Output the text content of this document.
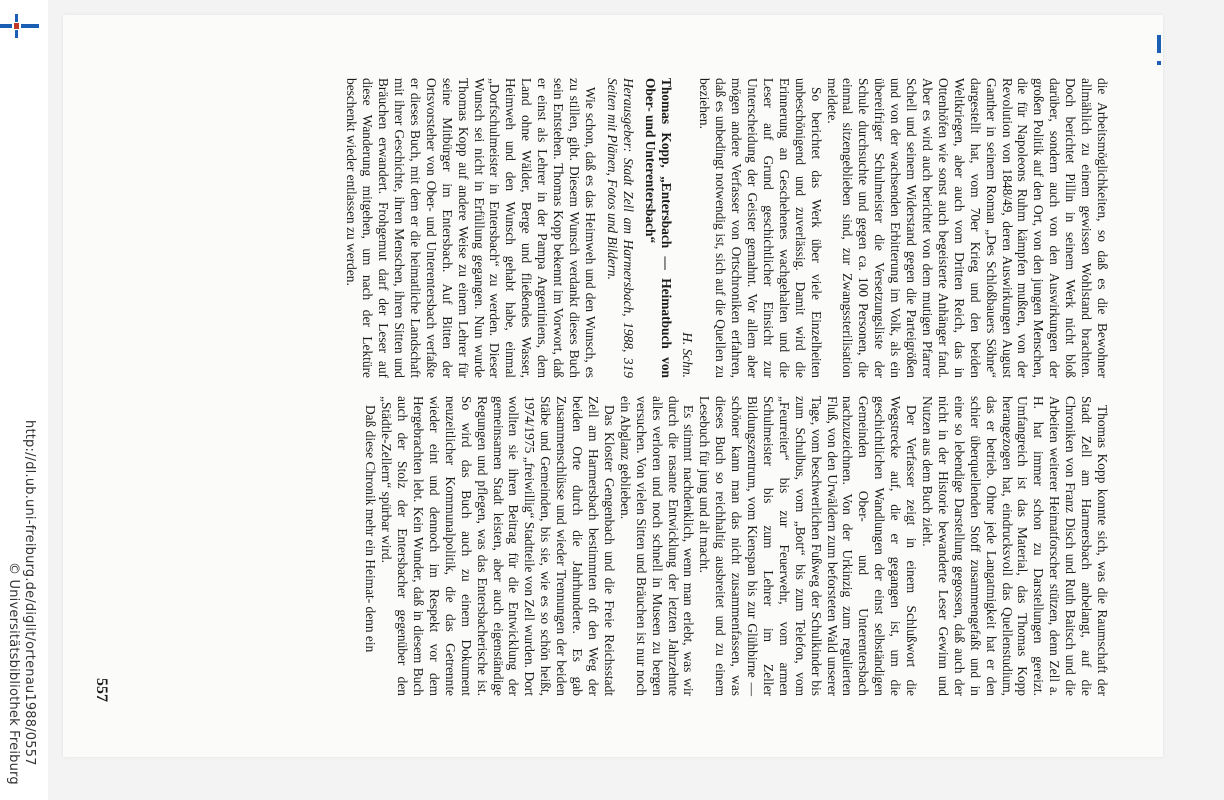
http://dl.ub.uni-freiburg.de/diglit/ortenau1988/0557
© Universitätsbibliothek Freiburg

die Arbeitsmöglichkeiten, so daß es die Bewohner allmählich zu einem gewissen Wohlstand brachten. Doch berichtet Pillin in seinem Werk nicht bloß darüber, sondern auch von den Auswirkungen der großen Politik auf den Ort, von den jungen Menschen, die für Napoleons Ruhm kämpfen mußten, von der Revolution von 1848/49, deren Auswirkungen August Ganther in seinem Roman „Des Schloßbauers Söhne“ dargestellt hat, vom 70er Krieg und den beiden Weltkriegen, aber auch vom Dritten Reich, das in Ottenhöfen wie sonst auch begeisterte Anhänger fand. Aber es wird auch berichtet von dem mutigen Pfarrer Schell und seinem Widerstand gegen die Parteigrößen und von der wachsenden Erbitterung im Volk, als ein übereifriger Schulmeister die Versetzungsliste der Schule durchsuchte und gegen ca. 100 Personen, die einmal sitzengeblieben sind, zur Zwangssterilisation meldete.

So berichtet das Werk über viele Einzelheiten unbeschönigend und zuverlässig. Damit wird die Erinnerung an Geschehenes wachgehalten und die Leser auf Grund geschichtlicher Einsicht zur Unterscheidung der Geister gemahnt. Vor allem aber mögen andere Verfasser von Ortschroniken erfahren, daß es unbedingt notwendig ist, sich auf die Quellen zu beziehen.

H. Schn.
Thomas Kopp, „Entersbach — Heimatbuch von Ober- und Unterentersbach“
Herausgeber: Stadt Zell am Harmersbach, 1988, 319 Seiten mit Plänen, Fotos und Bildern.

Wie schon, daß es das Heimweh und den Wunsch, es zu stillen, gibt. Diesem Wunsch verdankt dieses Buch sein Entstehen. Thomas Kopp bekennt im Vorwort, daß er einst als Lehrer in der Pampa Argentiniens, dem Land ohne Wälder, Berge und fließendes Wasser, Heimweh und den Wunsch gehabt habe, einmal „Dorfschulmeister in Entersbach“ zu werden. Dieser Wunsch sei nicht in Erfüllung gegangen. Nun wurde Thomas Kopp auf andere Weise zu einem Lehrer für seine Mitbürger im Entersbach. Auf Bitten der Ortsvorsteher von Ober- und Unterentersbach verfaßte er dieses Buch, mit dem er die heimatliche Landschaft mit ihrer Geschichte, ihren Menschen, ihren Sitten und Bräuchen erwandert. Frohgemut darf der Leser auf diese Wanderung mitgehen, um nach der Lektüre beschenkt wieder entlassen zu werden.

Thomas Kopp konnte sich, was die Raumschaft der Stadt Zell am Harmersbach anbelangt, auf die Chroniken von Franz Disch und Ruth Baitsch und die Arbeiten weiterer Heimatforscher stützen, denn Zell a. H. hat immer schon zu Darstellungen gereizt. Umfangreich ist das Material, das Thomas Kopp herangezogen hat, eindrucksvoll das Quellenstudium, das er betrieb. Ohne jede Langatmigkeit hat er den schier überquellenden Stoff zusammengefaßt und in eine so lebendige Darstellung gegossen, daß auch der nicht in der Historie bewanderte Leser Gewinn und Nutzen aus dem Buch zieht.

Der Verfasser zeigt in einem Schlußwort die Wegstrecke auf, die er gegangen ist, um die geschichtlichen Wandlungen der einst selbständigen Gemeinden Ober- und Unterentersbach nachzuzeichnen. Von der Urkinzig zum regulierten Fluß, von den Urwäldern zum beforsteten Wald unserer Tage, vom beschwerlichen Fußweg der Schulkinder bis zum Schulbus, vom „Bott“ bis zum Telefon, vom „Feurreiter“ bis zur Feuerwehr, vom armen Schulmeister bis zum Lehrer im Zeller Bildungszentrum, vom Kienspan bis zur Glühbirne — schöner kann man das nicht zusammenfassen, was dieses Buch so reichhaltig ausbreitet und zu einem Lesebuch für jung und alt macht.

Es stimmt nachdenklich, wenn man erlebt, was wir durch die rasante Entwicklung der letzten Jahrzehnte alles verloren und noch schnell in Museen zu bergen versuchen. Von vielen Sitten und Bräuchen ist nur noch ein Abglanz geblieben.

Das Kloster Gengenbach und die Freie Reichsstadt Zell am Harmersbach bestimmten oft den Weg der beiden Orte durch die Jahrhunderte. Es gab Zusammenschlüsse und wieder Trennungen der beiden Stäbe und Gemeinden, bis sie, wie es so schön heißt, 1974/1975 „freiwillig“ Stadtteile von Zell wurden. Dort wollten sie ihren Beitrag für die Entwicklung der gemeinsamen Stadt leisten, aber auch eigenständige Regungen und pflegen, was das Entersbacherische ist. So wird das Buch auch zu einem Dokument neuzeitlicher Kommunalpolitik, die das Getrennte wieder eint und dennoch im Respekt vor dem Hergebrachten lebt. Kein Wunder, daß in diesem Buch auch der Stolz der Entersbacher gegenüber den „Städtle-Zellern“ spürbar wird.

Daß diese Chronik mehr ein Heimat- denn ein

557
